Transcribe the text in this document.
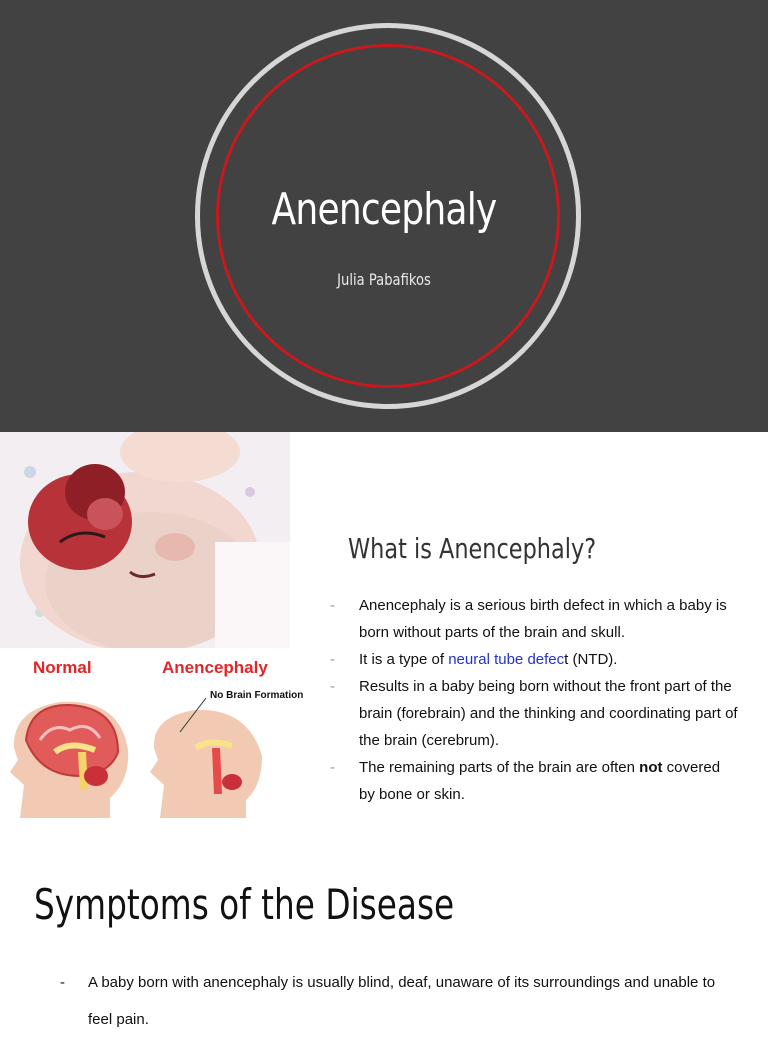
Anencephaly
Julia Pabafikos
Normal	Anencephaly
No Brain Formation
What is Anencephaly?
- Anencephaly is a serious birth defect in which a baby is born without parts of the brain and skull.
- It is a type of neural tube defect (NTD).
- Results in a baby being born without the front part of the brain (forebrain) and the thinking and coordinating part of the brain (cerebrum).
- The remaining parts of the brain are often not covered by bone or skin.
Symptoms of the Disease
- A baby born with anencephaly is usually blind, deaf, unaware of its surroundings and unable to feel pain.
